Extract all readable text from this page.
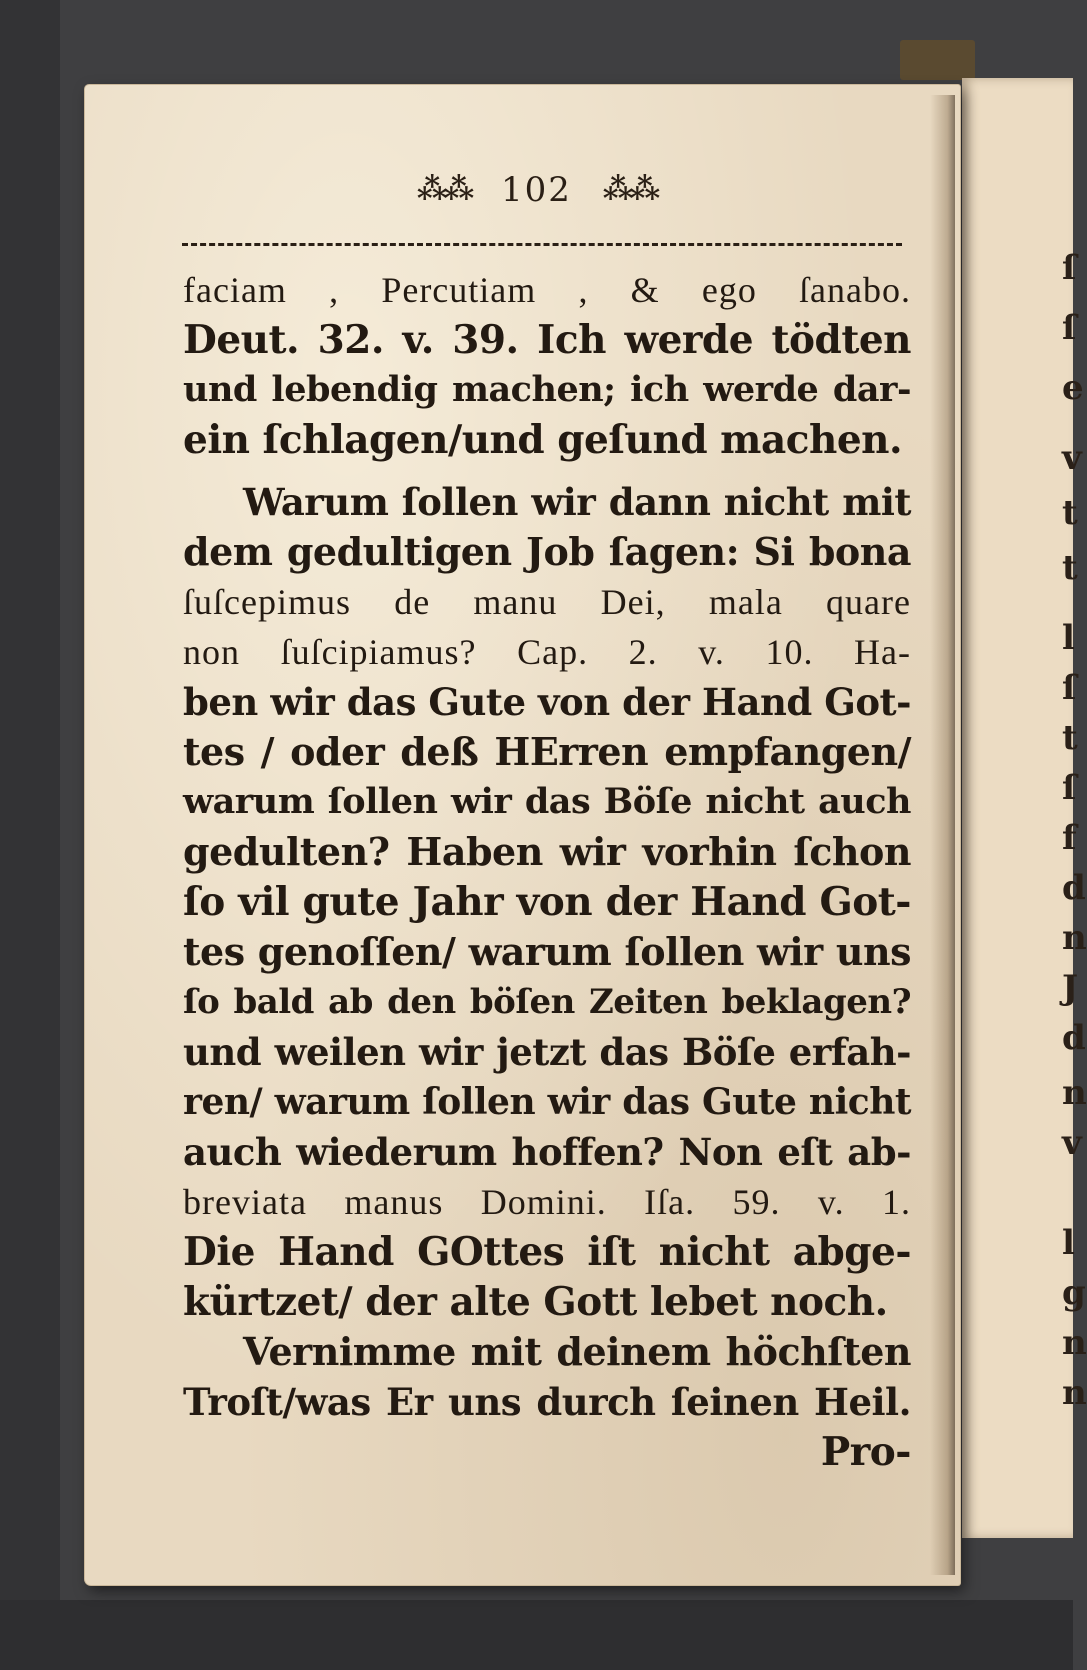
ſ
ſ
e
v
t
t
l
ſ
t
ſ
f
d
n
J
d
n
v
l
g
n
n
⁂⁂ 102 ⁂⁂
faciam , Percutiam , & ego ſanabo.
Deut. 32. v. 39. Ich werde tödten
und lebendig machen; ich werde dar-
ein ſchlagen/und geſund machen.
Warum ſollen wir dann nicht mit
dem gedultigen Job ſagen: Si bona
ſuſcepimus de manu Dei, mala quare
non ſuſcipiamus? Cap. 2. v. 10. Ha-
ben wir das Gute von der Hand Got-
tes / oder deß HErren empfangen/
warum ſollen wir das Böſe nicht auch
gedulten? Haben wir vorhin ſchon
ſo vil gute Jahr von der Hand Got-
tes genoſſen/ warum ſollen wir uns
ſo bald ab den böſen Zeiten beklagen?
und weilen wir jetzt das Böſe erfah-
ren/ warum ſollen wir das Gute nicht
auch wiederum hoffen? Non eſt ab-
breviata manus Domini. Iſa. 59. v. 1.
Die Hand GOttes iſt nicht abge-
kürtzet/ der alte Gott lebet noch.
Vernimme mit deinem höchſten
Troſt/was Er uns durch ſeinen Heil.
Pro-
